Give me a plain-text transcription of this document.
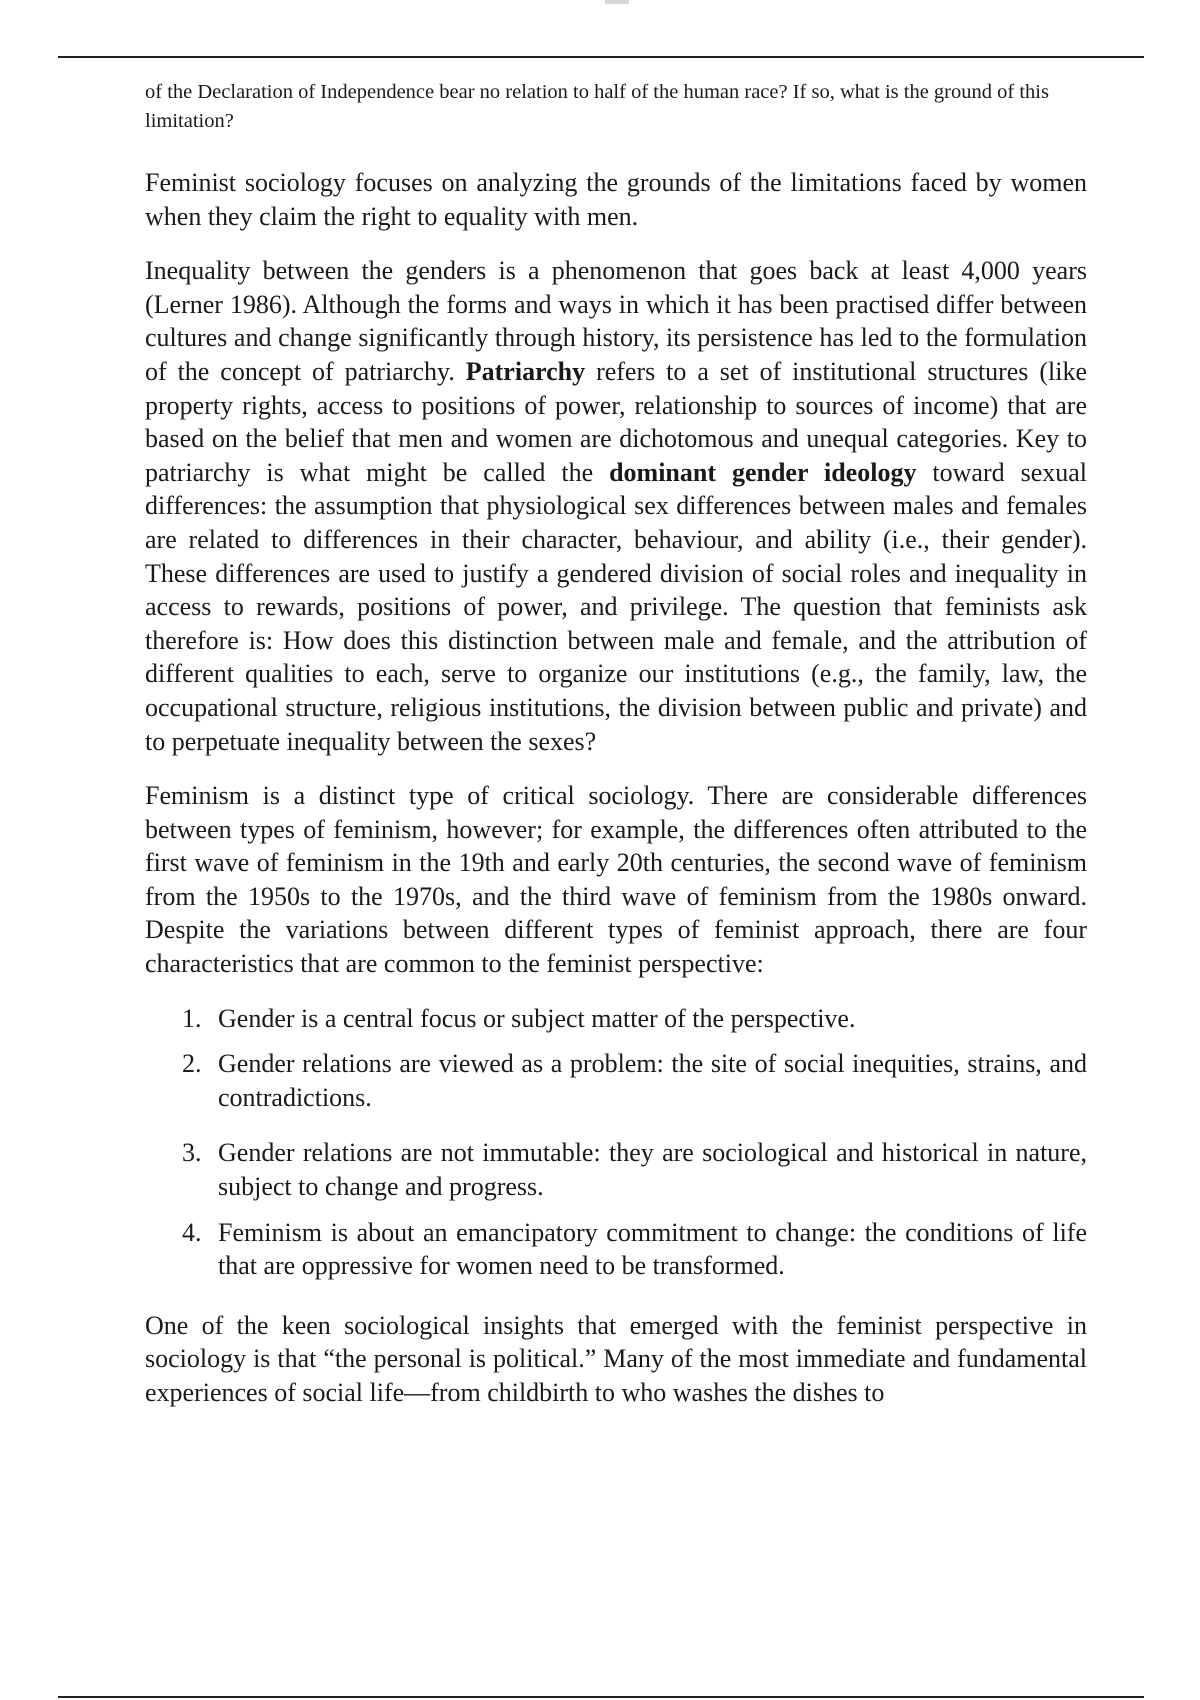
of the Declaration of Independence bear no relation to half of the human race? If so, what is the ground of this limitation?

Feminist sociology focuses on analyzing the grounds of the limitations faced by women when they claim the right to equality with men.

Inequality between the genders is a phenomenon that goes back at least 4,000 years (Lerner 1986). Although the forms and ways in which it has been practised differ between cultures and change significantly through history, its persistence has led to the formulation of the concept of patriarchy. Patriarchy refers to a set of institutional structures (like property rights, access to positions of power, relationship to sources of income) that are based on the belief that men and women are dichotomous and unequal categories. Key to patriarchy is what might be called the dominant gender ideology toward sexual differences: the assumption that physiological sex differences between males and females are related to differences in their character, behaviour, and ability (i.e., their gender). These differences are used to justify a gendered division of social roles and inequality in access to rewards, positions of power, and privilege. The question that feminists ask therefore is: How does this distinction between male and female, and the attribution of different qualities to each, serve to organize our institutions (e.g., the family, law, the occupational structure, religious institutions, the division between public and private) and to perpetuate inequality between the sexes?

Feminism is a distinct type of critical sociology. There are considerable differences between types of feminism, however; for example, the differences often attributed to the first wave of feminism in the 19th and early 20th centuries, the second wave of feminism from the 1950s to the 1970s, and the third wave of feminism from the 1980s onward. Despite the variations between different types of feminist approach, there are four characteristics that are common to the feminist perspective:

1. Gender is a central focus or subject matter of the perspective.
2. Gender relations are viewed as a problem: the site of social inequities, strains, and contradictions.
3. Gender relations are not immutable: they are sociological and historical in nature, subject to change and progress.
4. Feminism is about an emancipatory commitment to change: the conditions of life that are oppressive for women need to be transformed.

One of the keen sociological insights that emerged with the feminist perspective in sociology is that “the personal is political.” Many of the most immediate and fundamental experiences of social life—from childbirth to who washes the dishes to
